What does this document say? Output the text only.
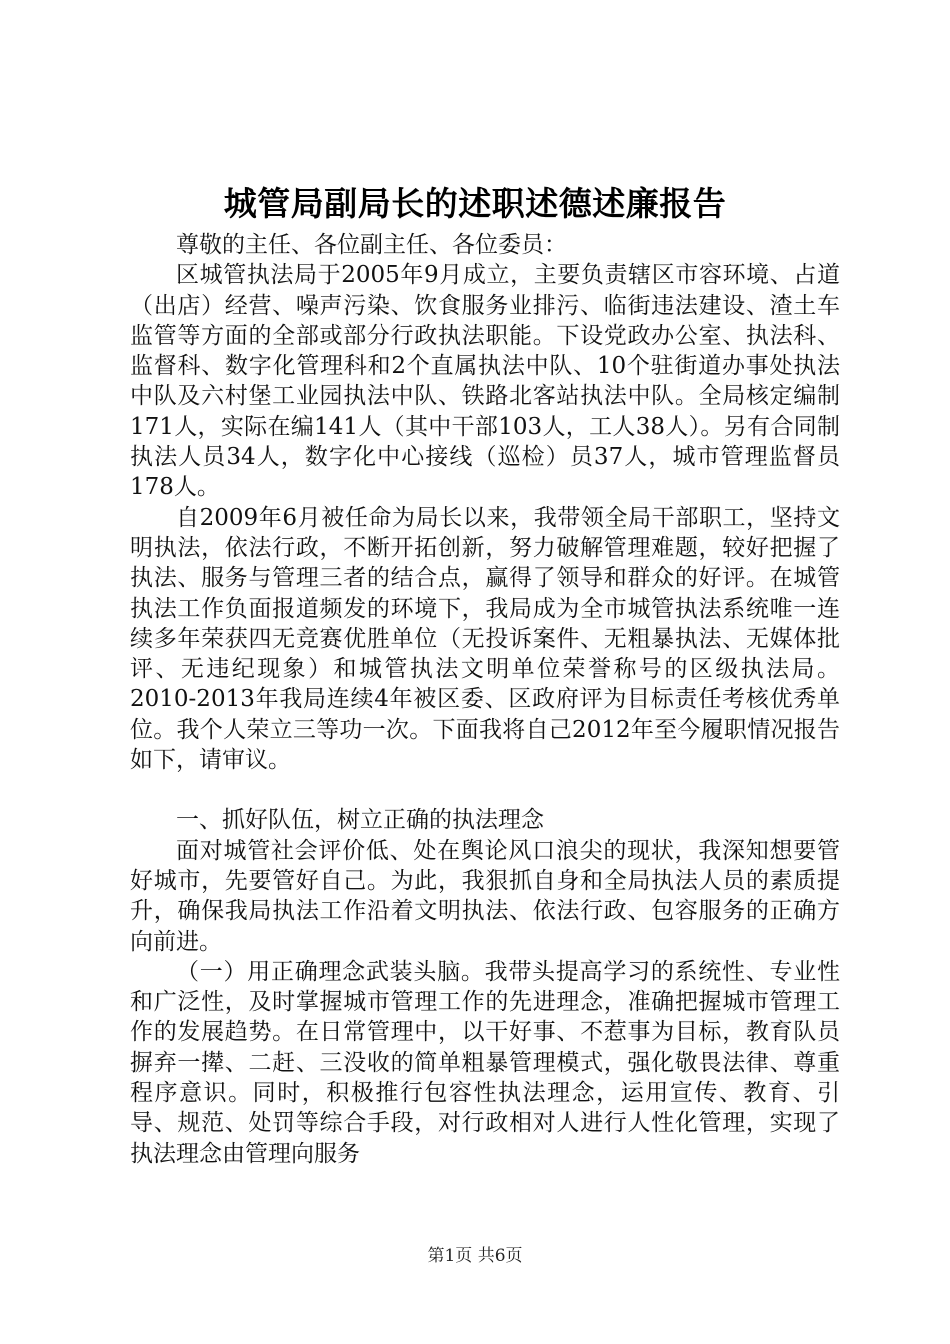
城管局副局长的述职述德述廉报告

尊敬的主任、各位副主任、各位委员：

区城管执法局于2005年9月成立，主要负责辖区市容环境、占道（出店）经营、噪声污染、饮食服务业排污、临街违法建设、渣土车监管等方面的全部或部分行政执法职能。下设党政办公室、执法科、监督科、数字化管理科和2个直属执法中队、10个驻街道办事处执法中队及六村堡工业园执法中队、铁路北客站执法中队。全局核定编制171人，实际在编141人（其中干部103人，工人38人）。另有合同制执法人员34人，数字化中心接线（巡检）员37人，城市管理监督员178人。

自2009年6月被任命为局长以来，我带领全局干部职工，坚持文明执法，依法行政，不断开拓创新，努力破解管理难题，较好把握了执法、服务与管理三者的结合点，赢得了领导和群众的好评。在城管执法工作负面报道频发的环境下，我局成为全市城管执法系统唯一连续多年荣获四无竞赛优胜单位（无投诉案件、无粗暴执法、无媒体批评、无违纪现象）和城管执法文明单位荣誉称号的区级执法局。2010-2013年我局连续4年被区委、区政府评为目标责任考核优秀单位。我个人荣立三等功一次。下面我将自己2012年至今履职情况报告如下，请审议。

一、抓好队伍，树立正确的执法理念

面对城管社会评价低、处在舆论风口浪尖的现状，我深知想要管好城市，先要管好自己。为此，我狠抓自身和全局执法人员的素质提升，确保我局执法工作沿着文明执法、依法行政、包容服务的正确方向前进。

（一）用正确理念武装头脑。我带头提高学习的系统性、专业性和广泛性，及时掌握城市管理工作的先进理念，准确把握城市管理工作的发展趋势。在日常管理中，以干好事、不惹事为目标，教育队员摒弃一撵、二赶、三没收的简单粗暴管理模式，强化敬畏法律、尊重程序意识。同时，积极推行包容性执法理念，运用宣传、教育、引导、规范、处罚等综合手段，对行政相对人进行人性化管理，实现了执法理念由管理向服务

第1页 共6页
